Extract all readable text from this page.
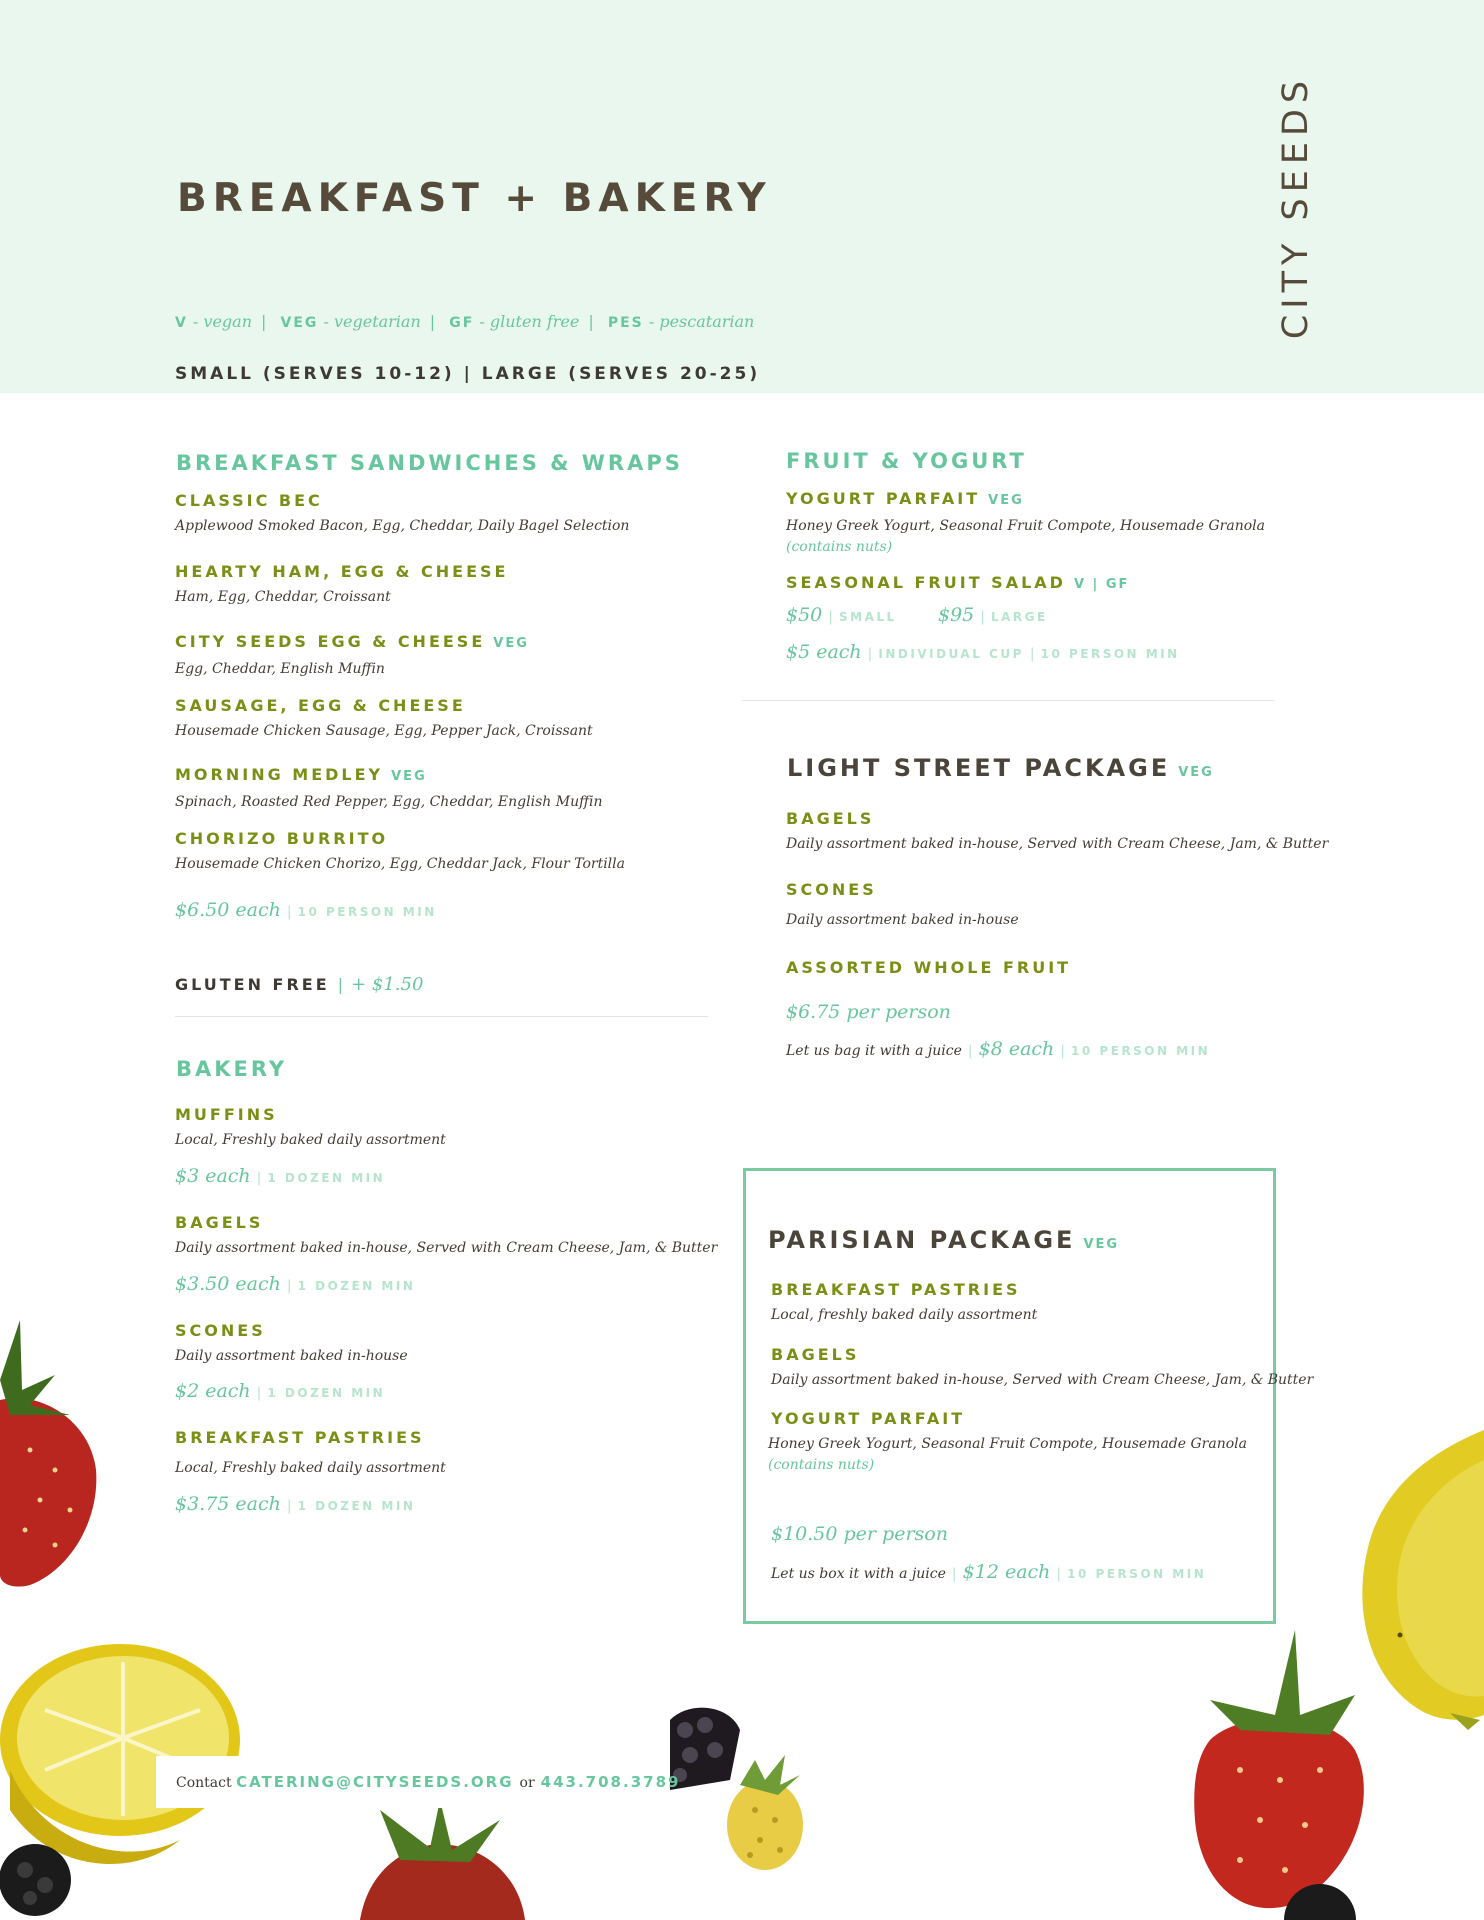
BREAKFAST + BAKERY	CITY SEEDS
V - vegan | VEG - vegetarian | GF - gluten free | PES - pescatarian
SMALL (SERVES 10-12) | LARGE (SERVES 20-25)
BREAKFAST SANDWICHES & WRAPS
CLASSIC BEC
Applewood Smoked Bacon, Egg, Cheddar, Daily Bagel Selection
HEARTY HAM, EGG & CHEESE
Ham, Egg, Cheddar, Croissant
CITY SEEDS EGG & CHEESE VEG
Egg, Cheddar, English Muffin
SAUSAGE, EGG & CHEESE
Housemade Chicken Sausage, Egg, Pepper Jack, Croissant
MORNING MEDLEY VEG
Spinach, Roasted Red Pepper, Egg, Cheddar, English Muffin
CHORIZO BURRITO
Housemade Chicken Chorizo, Egg, Cheddar Jack, Flour Tortilla
$6.50 each | 10 PERSON MIN
GLUTEN FREE | + $1.50
BAKERY
MUFFINS
Local, Freshly baked daily assortment
$3 each | 1 DOZEN MIN
BAGELS
Daily assortment baked in-house, Served with Cream Cheese, Jam, & Butter
$3.50 each | 1 DOZEN MIN
SCONES
Daily assortment baked in-house
$2 each | 1 DOZEN MIN
BREAKFAST PASTRIES
Local, Freshly baked daily assortment
$3.75 each | 1 DOZEN MIN
FRUIT & YOGURT
YOGURT PARFAIT VEG
Honey Greek Yogurt, Seasonal Fruit Compote, Housemade Granola
(contains nuts)
SEASONAL FRUIT SALAD V | GF
$50 | SMALL $95 | LARGE
$5 each | INDIVIDUAL CUP | 10 PERSON MIN
LIGHT STREET PACKAGE VEG
BAGELS
Daily assortment baked in-house, Served with Cream Cheese, Jam, & Butter
SCONES
Daily assortment baked in-house
ASSORTED WHOLE FRUIT
$6.75 per person
Let us bag it with a juice | $8 each | 10 PERSON MIN
PARISIAN PACKAGE VEG
BREAKFAST PASTRIES
Local, freshly baked daily assortment
BAGELS
Daily assortment baked in-house, Served with Cream Cheese, Jam, & Butter
YOGURT PARFAIT
Honey Greek Yogurt, Seasonal Fruit Compote, Housemade Granola
(contains nuts)
$10.50 per person
Let us box it with a juice | $12 each | 10 PERSON MIN
Contact CATERING@CITYSEEDS.ORG or 443.708.3789
